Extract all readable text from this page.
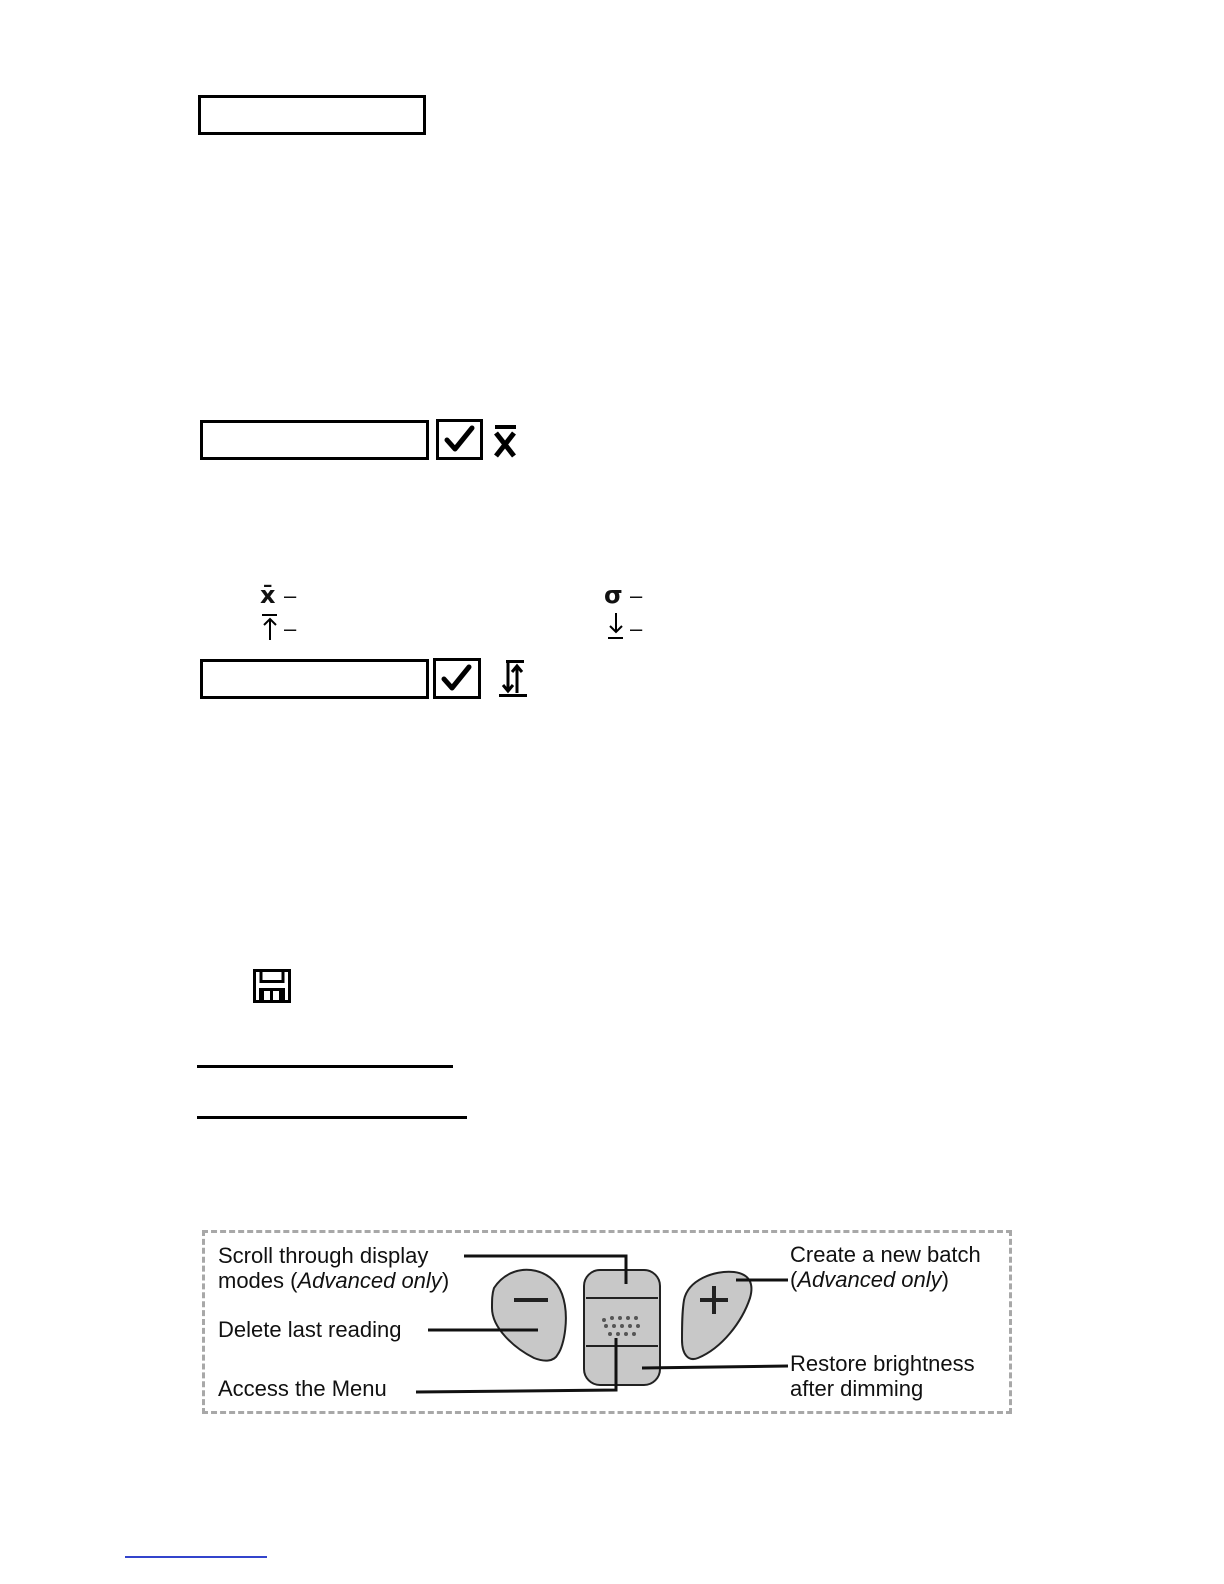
x̄ –	σ –
–	–
Scroll through display
modes (Advanced only)
Delete last reading
Access the Menu
Create a new batch
(Advanced only)
Restore brightness
after dimming
